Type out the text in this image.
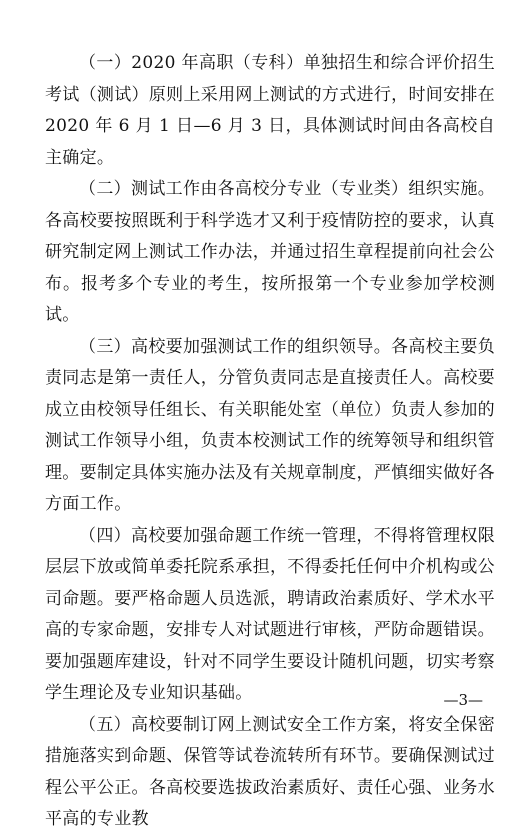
（一）2020 年高职（专科）单独招生和综合评价招生考试（测试）原则上采用网上测试的方式进行，时间安排在 2020 年 6 月 1 日—6 月 3 日，具体测试时间由各高校自主确定。

（二）测试工作由各高校分专业（专业类）组织实施。各高校要按照既利于科学选才又利于疫情防控的要求，认真研究制定网上测试工作办法，并通过招生章程提前向社会公布。报考多个专业的考生，按所报第一个专业参加学校测试。

（三）高校要加强测试工作的组织领导。各高校主要负责同志是第一责任人，分管负责同志是直接责任人。高校要成立由校领导任组长、有关职能处室（单位）负责人参加的测试工作领导小组，负责本校测试工作的统筹领导和组织管理。要制定具体实施办法及有关规章制度，严慎细实做好各方面工作。

（四）高校要加强命题工作统一管理，不得将管理权限层层下放或简单委托院系承担，不得委托任何中介机构或公司命题。要严格命题人员选派，聘请政治素质好、学术水平高的专家命题，安排专人对试题进行审核，严防命题错误。要加强题库建设，针对不同学生要设计随机问题，切实考察学生理论及专业知识基础。

（五）高校要制订网上测试安全工作方案，将安全保密措施落实到命题、保管等试卷流转所有环节。要确保测试过程公平公正。各高校要选拔政治素质好、责任心强、业务水平高的专业教

—3—
